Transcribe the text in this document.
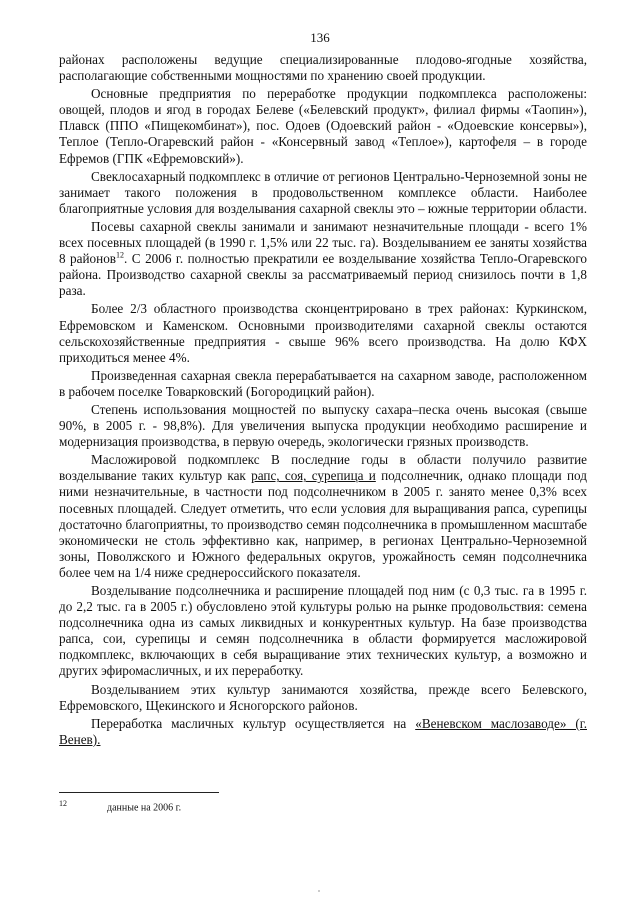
136

районах расположены ведущие специализированные плодово-ягодные хозяйства, располагающие собственными мощностями по хранению своей продукции.

Основные предприятия по переработке продукции подкомплекса расположены: овощей, плодов и ягод в городах Белеве («Белевский продукт», филиал фирмы «Таопин»), Плавск (ППО «Пищекомбинат»), пос. Одоев (Одоевский район - «Одоевские консервы»), Теплое (Тепло-Огаревский район - «Консервный завод «Теплое»), картофеля – в городе Ефремов (ГПК «Ефремовский»).

Свеклосахарный подкомплекс в отличие от регионов Центрально-Черноземной зоны не занимает такого положения в продовольственном комплексе области. Наиболее благоприятные условия для возделывания сахарной свеклы это – южные территории области.

Посевы сахарной свеклы занимали и занимают незначительные площади - всего 1% всех посевных площадей (в 1990 г. 1,5% или 22 тыс. га). Возделыванием ее заняты хозяйства 8 районов$^{12}$. С 2006 г. полностью прекратили ее возделывание хозяйства Тепло-Огаревского района. Производство сахарной свеклы за рассматриваемый период снизилось почти в 1,8 раза.

Более 2/3 областного производства сконцентрировано в трех районах: Куркинском, Ефремовском и Каменском. Основными производителями сахарной свеклы остаются сельскохозяйственные предприятия - свыше 96% всего производства. На долю КФХ приходиться менее 4%.

Произведенная сахарная свекла перерабатывается на сахарном заводе, расположенном в рабочем поселке Товарковский (Богородицкий район).

Степень использования мощностей по выпуску сахара–песка очень высокая (свыше 90%, в 2005 г. - 98,8%). Для увеличения выпуска продукции необходимо расширение и модернизация производства, в первую очередь, экологически грязных производств.

Масложировой подкомплекс В последние годы в области получило развитие возделывание таких культур как рапс, соя, сурепица и подсолнечник, однако площади под ними незначительные, в частности под подсолнечником в 2005 г. занято менее 0,3% всех посевных площадей. Следует отметить, что если условия для выращивания рапса, сурепицы достаточно благоприятны, то производство семян подсолнечника в промышленном масштабе экономически не столь эффективно как, например, в регионах Центрально-Черноземной зоны, Поволжского и Южного федеральных округов, урожайность семян подсолнечника более чем на 1/4 ниже среднероссийского показателя.

Возделывание подсолнечника и расширение площадей под ним (с 0,3 тыс. га в 1995 г. до 2,2 тыс. га в 2005 г.) обусловлено этой культуры ролью на рынке продовольствия: семена подсолнечника одна из самых ликвидных и конкурентных культур. На базе производства рапса, сои, сурепицы и семян подсолнечника в области формируется масложировой подкомплекс, включающих в себя выращивание этих технических культур, а возможно и других эфиромасличных, и их переработку.

Возделыванием этих культур занимаются хозяйства, прежде всего Белевского, Ефремовского, Щекинского и Ясногорского районов.

Переработка масличных культур осуществляется на «Веневском маслозаводе» (г. Венев).

12	данные на 2006 г.
